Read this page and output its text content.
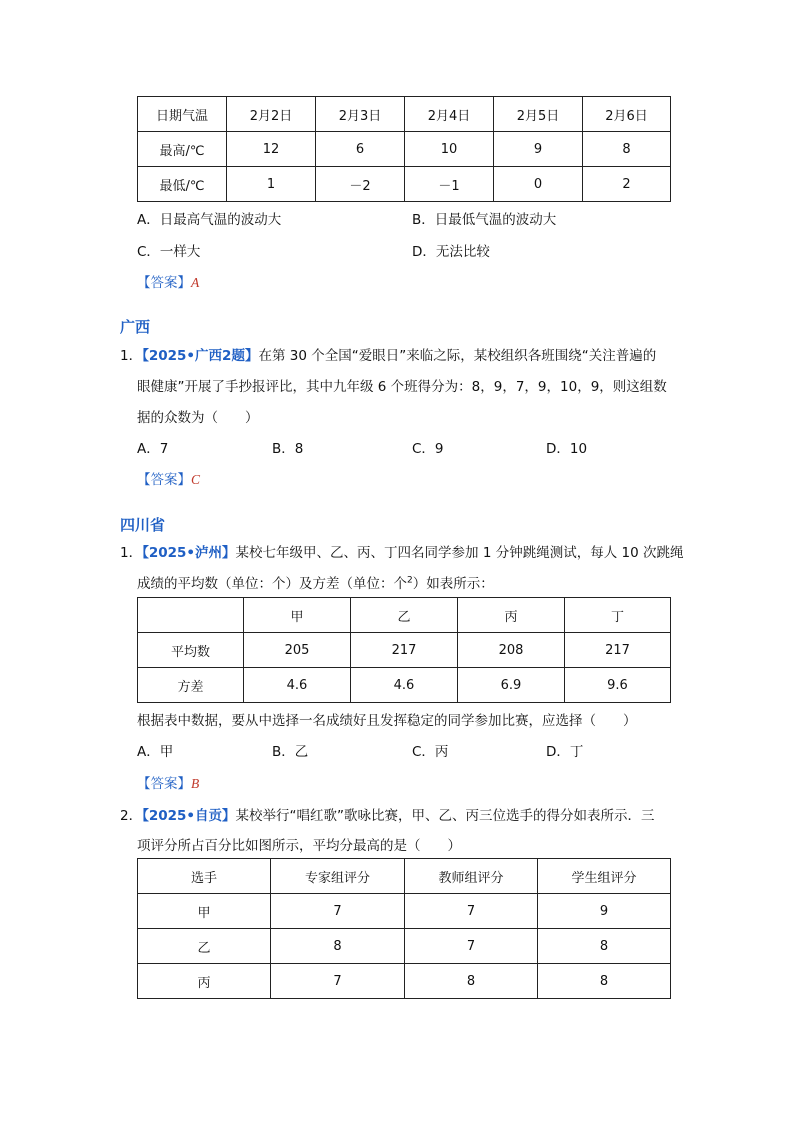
日期气温	2月2日	2月3日	2月4日	2月5日	2月6日
最高/℃	12	6	10	9	8
最低/℃	1	－2	－1	0	2
A．日最高气温的波动大	B．日最低气温的波动大
C．一样大	D．无法比较
【答案】A
广西
1．【2025•广西2题】在第 30 个全国“爱眼日”来临之际，某校组织各班围绕“关注普遍的
眼健康”开展了手抄报评比，其中九年级 6 个班得分为：8，9，7，9，10，9，则这组数
据的众数为（　　）
A．7	B．8	C．9	D．10
【答案】C
四川省
1．【2025•泸州】某校七年级甲、乙、丙、丁四名同学参加 1 分钟跳绳测试，每人 10 次跳绳
成绩的平均数（单位：个）及方差（单位：个$^2$）如表所示：
	甲	乙	丙	丁
平均数	205	217	208	217
方差	4.6	4.6	6.9	9.6
根据表中数据，要从中选择一名成绩好且发挥稳定的同学参加比赛，应选择（　　）
A．甲	B．乙	C．丙	D．丁
【答案】B
2．【2025•自贡】某校举行“唱红歌”歌咏比赛，甲、乙、丙三位选手的得分如表所示．三
项评分所占百分比如图所示，平均分最高的是（　　）
选手	专家组评分	教师组评分	学生组评分
甲	7	7	9
乙	8	7	8
丙	7	8	8
